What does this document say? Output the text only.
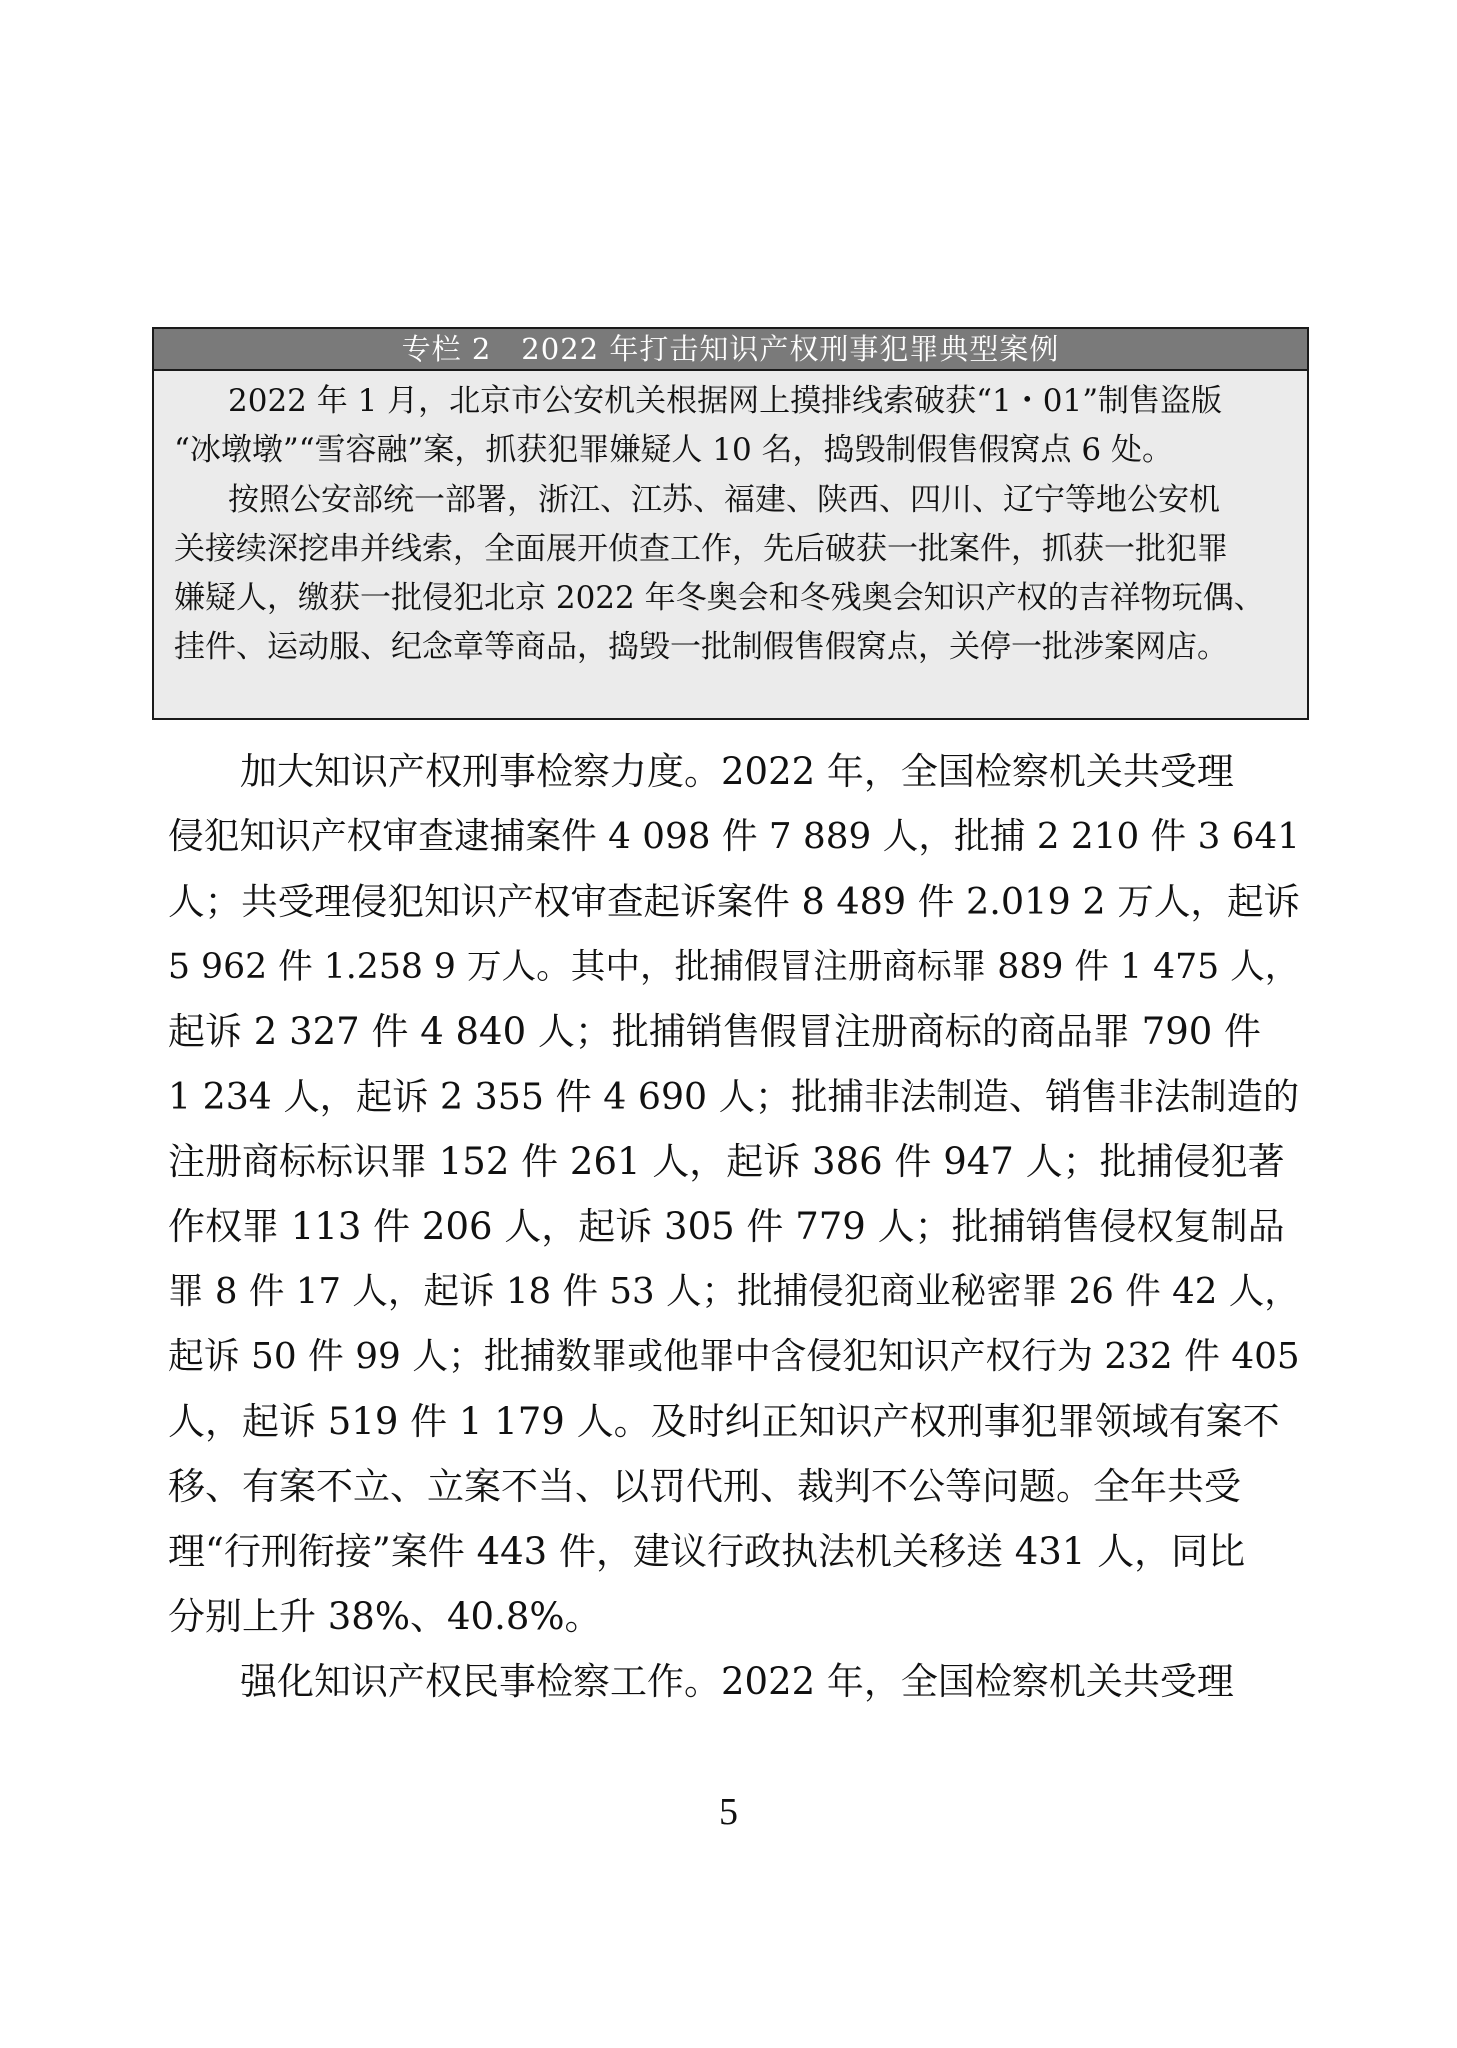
专栏 2　2022 年打击知识产权刑事犯罪典型案例
2022 年 1 月，北京市公安机关根据网上摸排线索破获“1・01”制售盗版
“冰墩墩”“雪容融”案，抓获犯罪嫌疑人 10 名，捣毁制假售假窝点 6 处。
按照公安部统一部署，浙江、江苏、福建、陕西、四川、辽宁等地公安机
关接续深挖串并线索，全面展开侦查工作，先后破获一批案件，抓获一批犯罪
嫌疑人，缴获一批侵犯北京 2022 年冬奥会和冬残奥会知识产权的吉祥物玩偶、
挂件、运动服、纪念章等商品，捣毁一批制假售假窝点，关停一批涉案网店。
加大知识产权刑事检察力度。2022 年，全国检察机关共受理
侵犯知识产权审查逮捕案件 4 098 件 7 889 人，批捕 2 210 件 3 641
人；共受理侵犯知识产权审查起诉案件 8 489 件 2.019 2 万人，起诉
5 962 件 1.258 9 万人。其中，批捕假冒注册商标罪 889 件 1 475 人，
起诉 2 327 件 4 840 人；批捕销售假冒注册商标的商品罪 790 件
1 234 人，起诉 2 355 件 4 690 人；批捕非法制造、销售非法制造的
注册商标标识罪 152 件 261 人，起诉 386 件 947 人；批捕侵犯著
作权罪 113 件 206 人，起诉 305 件 779 人；批捕销售侵权复制品
罪 8 件 17 人，起诉 18 件 53 人；批捕侵犯商业秘密罪 26 件 42 人，
起诉 50 件 99 人；批捕数罪或他罪中含侵犯知识产权行为 232 件 405
人，起诉 519 件 1 179 人。及时纠正知识产权刑事犯罪领域有案不
移、有案不立、立案不当、以罚代刑、裁判不公等问题。全年共受
理“行刑衔接”案件 443 件，建议行政执法机关移送 431 人，同比
分别上升 38%、40.8%。
强化知识产权民事检察工作。2022 年，全国检察机关共受理
5
